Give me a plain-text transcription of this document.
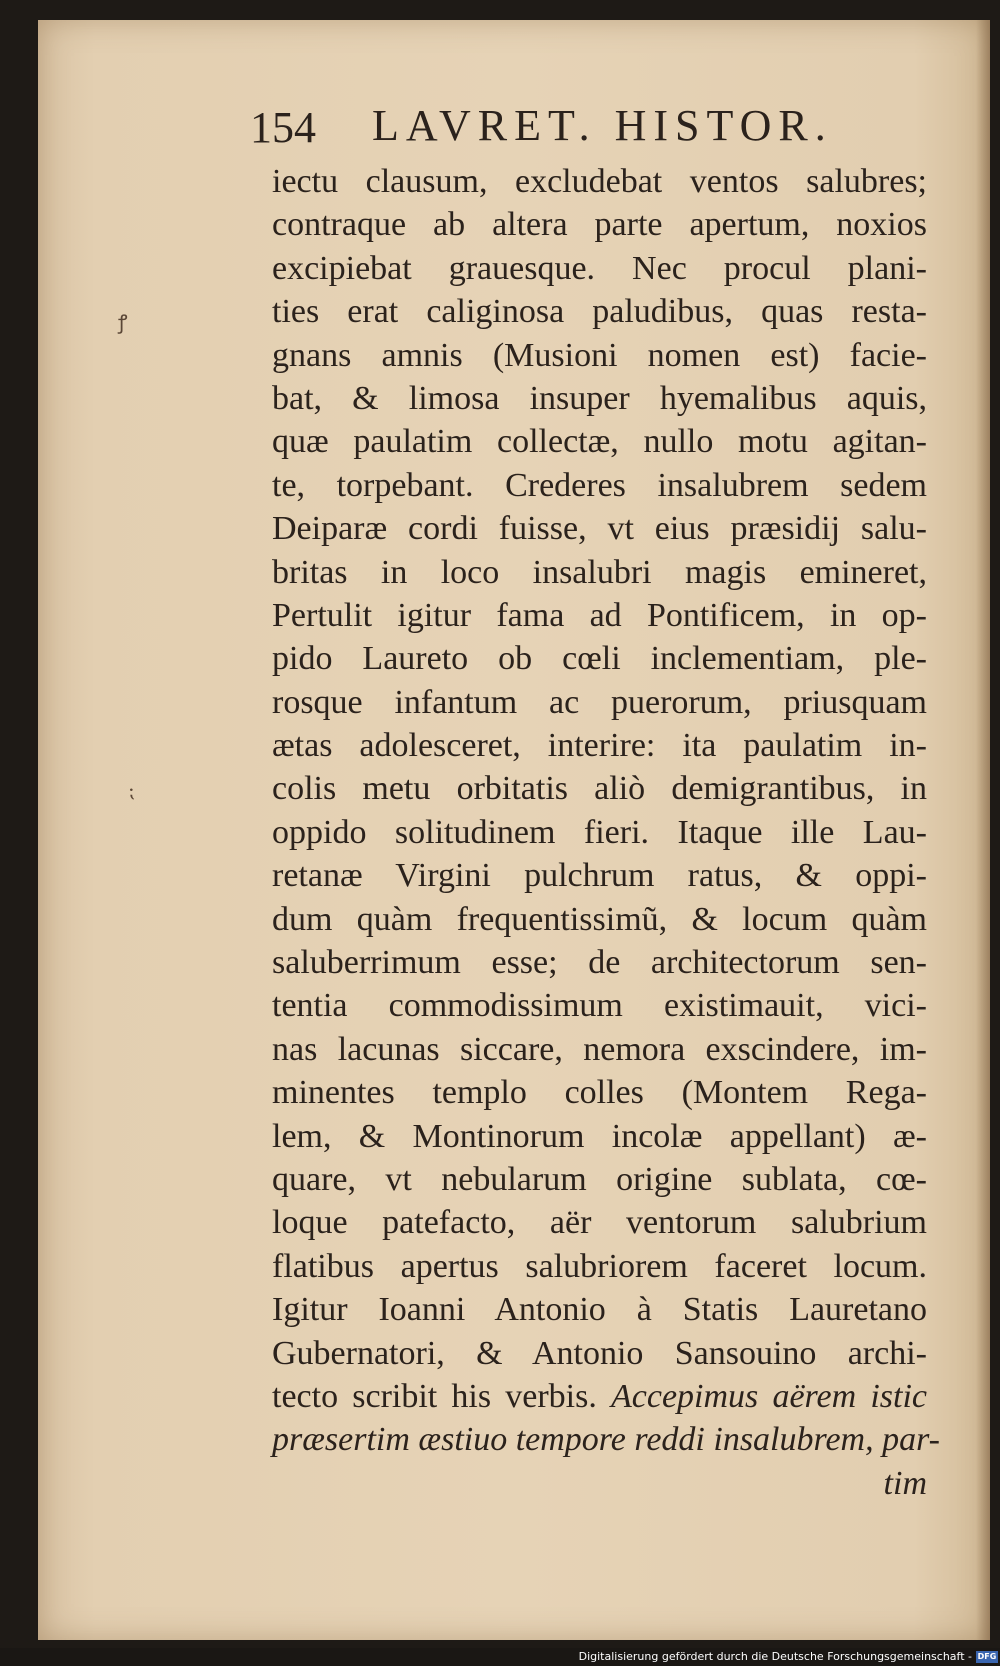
ꝭ
⁏
154 LAVRET. HISTOR.
iectu clausum, excludebat ventos salubres;
contraque ab altera parte apertum, noxios
excipiebat grauesque. Nec procul plani-
ties erat caliginosa paludibus, quas resta-
gnans amnis (Musioni nomen est) facie-
bat, & limosa insuper hyemalibus aquis,
quæ paulatim collectæ, nullo motu agitan-
te, torpebant. Crederes insalubrem sedem
Deiparæ cordi fuisse, vt eius præsidij salu-
britas in loco insalubri magis emineret,
Pertulit igitur fama ad Pontificem, in op-
pido Laureto ob cœli inclementiam, ple-
rosque infantum ac puerorum, priusquam
ætas adolesceret, interire: ita paulatim in-
colis metu orbitatis aliò demigrantibus, in
oppido solitudinem fieri. Itaque ille Lau-
retanæ Virgini pulchrum ratus, & oppi-
dum quàm frequentissimũ, & locum quàm
saluberrimum esse; de architectorum sen-
tentia commodissimum existimauit, vici-
nas lacunas siccare, nemora exscindere, im-
minentes templo colles (Montem Rega-
lem, & Montinorum incolæ appellant) æ-
quare, vt nebularum origine sublata, cœ-
loque patefacto, aër ventorum salubrium
flatibus apertus salubriorem faceret locum.
Igitur Ioanni Antonio à Statis Lauretano
Gubernatori, & Antonio Sansouino archi-
tecto scribit his verbis. Accepimus aërem istic
præsertim æstiuo tempore reddi insalubrem, par-
tim
Digitalisierung gefördert durch die Deutsche Forschungsgemeinschaft - DFG
